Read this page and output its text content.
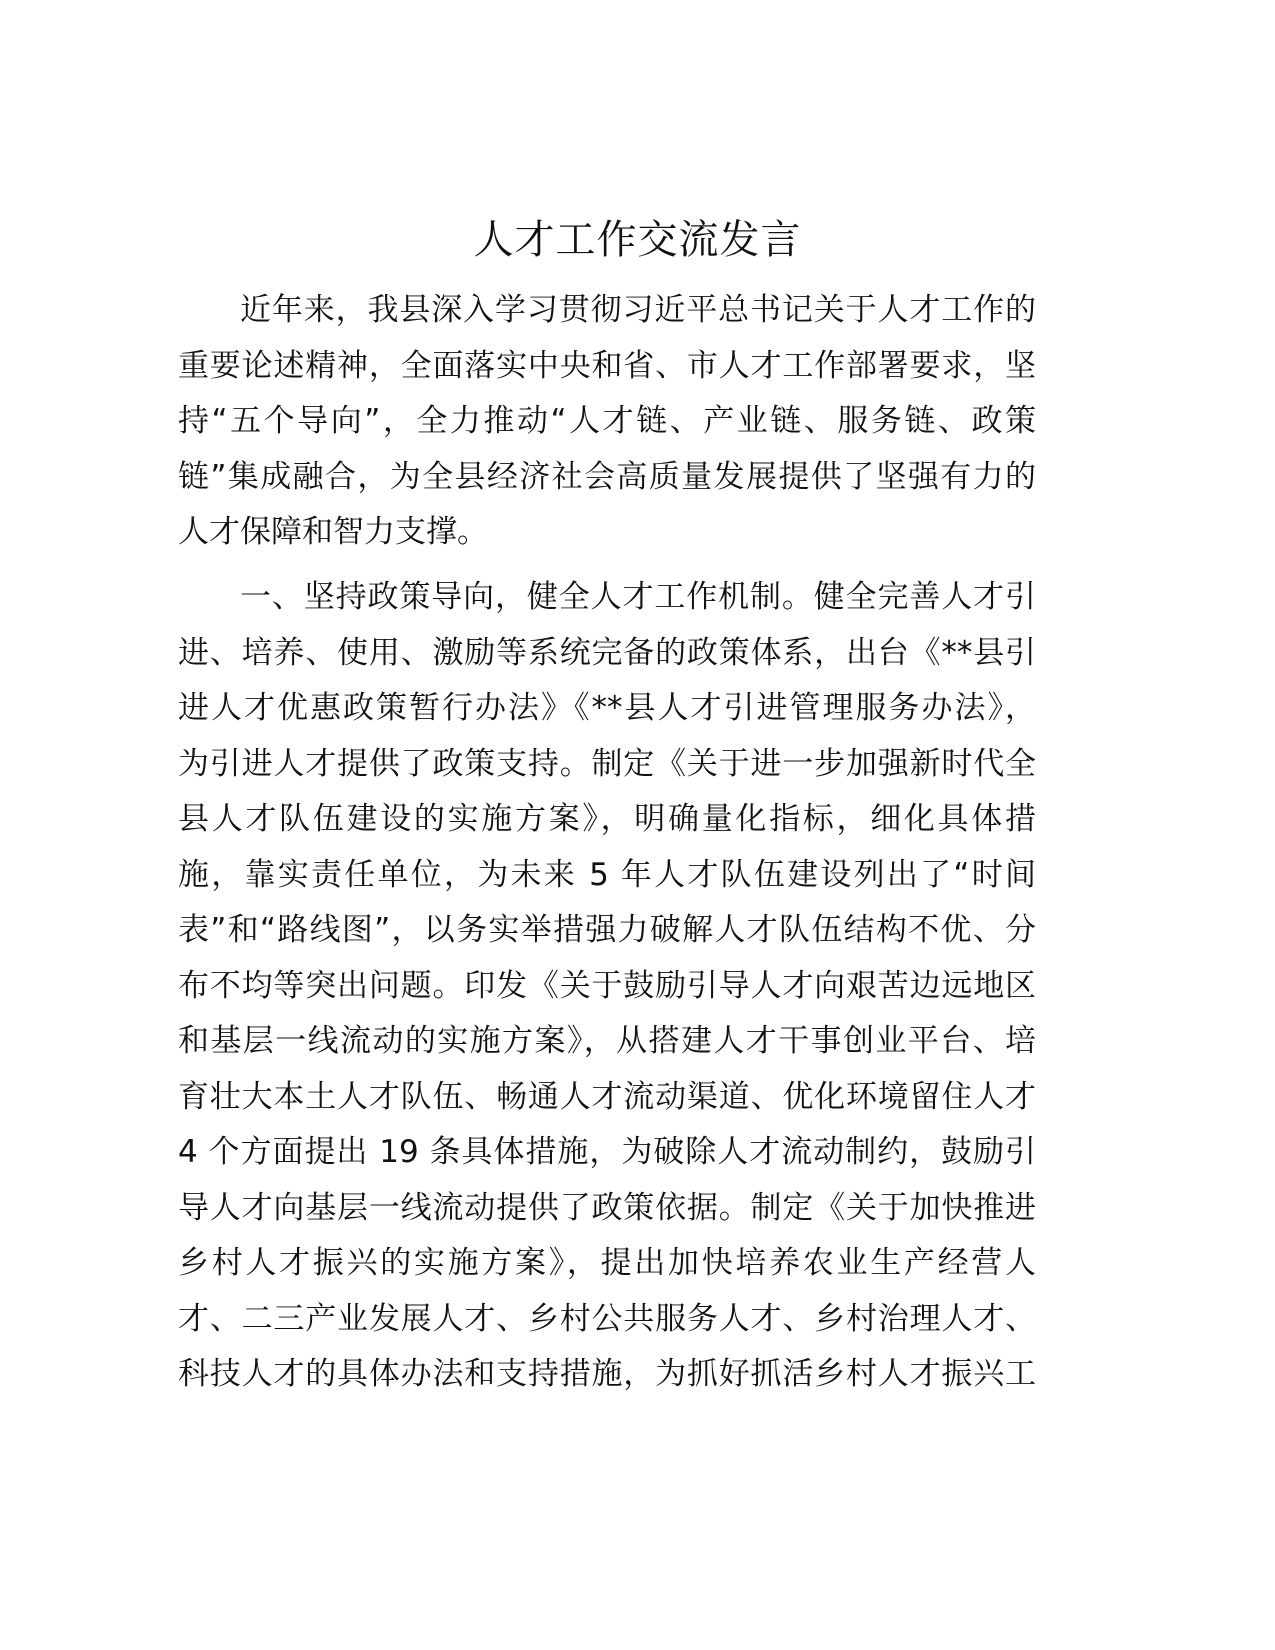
人才工作交流发言
近年来，我县深入学习贯彻习近平总书记关于人才工作的
重要论述精神，全面落实中央和省、市人才工作部署要求，坚
持“五个导向”，全力推动“人才链、产业链、服务链、政策
链”集成融合，为全县经济社会高质量发展提供了坚强有力的
人才保障和智力支撑。
一、坚持政策导向，健全人才工作机制。健全完善人才引
进、培养、使用、激励等系统完备的政策体系，出台《**县引
进人才优惠政策暂行办法》《**县人才引进管理服务办法》，
为引进人才提供了政策支持。制定《关于进一步加强新时代全
县人才队伍建设的实施方案》，明确量化指标，细化具体措
施，靠实责任单位，为未来 5 年人才队伍建设列出了“时间
表”和“路线图”，以务实举措强力破解人才队伍结构不优、分
布不均等突出问题。印发《关于鼓励引导人才向艰苦边远地区
和基层一线流动的实施方案》，从搭建人才干事创业平台、培
育壮大本土人才队伍、畅通人才流动渠道、优化环境留住人才
4 个方面提出 19 条具体措施，为破除人才流动制约，鼓励引
导人才向基层一线流动提供了政策依据。制定《关于加快推进
乡村人才振兴的实施方案》，提出加快培养农业生产经营人
才、二三产业发展人才、乡村公共服务人才、乡村治理人才、
科技人才的具体办法和支持措施，为抓好抓活乡村人才振兴工
